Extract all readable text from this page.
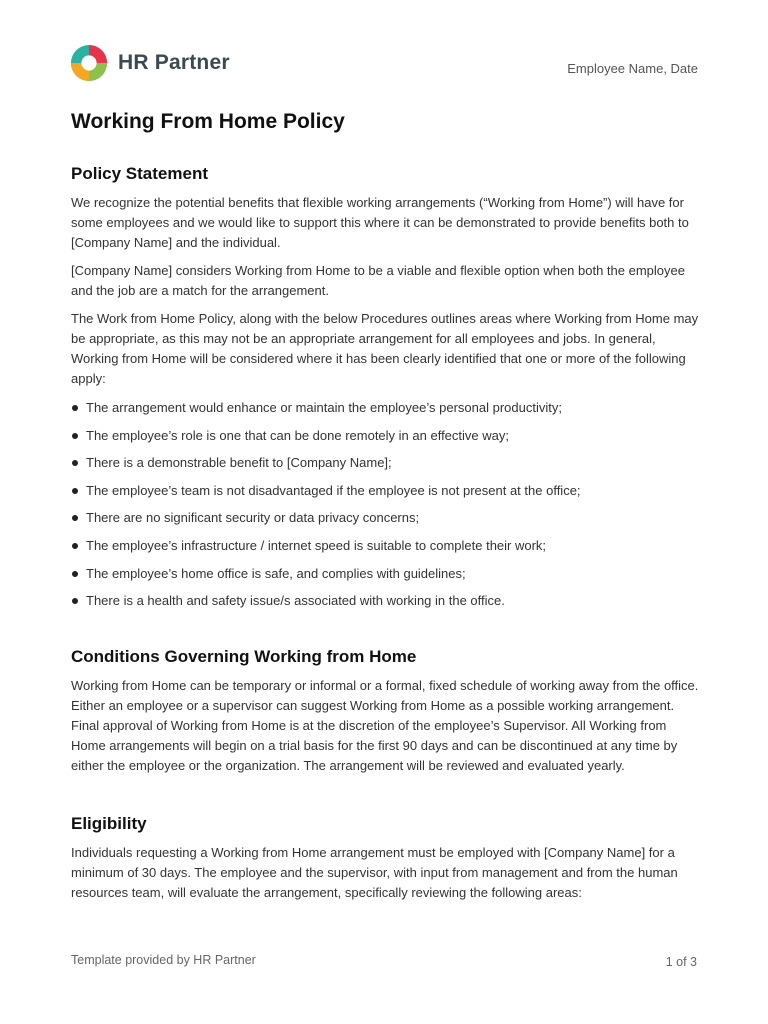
HR Partner	Employee Name, Date
Working From Home Policy
Policy Statement

We recognize the potential benefits that flexible working arrangements (“Working from Home”) will have for some employees and we would like to support this where it can be demonstrated to provide benefits both to [Company Name] and the individual.

[Company Name] considers Working from Home to be a viable and flexible option when both the employee and the job are a match for the arrangement.

The Work from Home Policy, along with the below Procedures outlines areas where Working from Home may be appropriate, as this may not be an appropriate arrangement for all employees and jobs. In general, Working from Home will be considered where it has been clearly identified that one or more of the following apply:

The arrangement would enhance or maintain the employee’s personal productivity;
The employee’s role is one that can be done remotely in an effective way;
There is a demonstrable benefit to [Company Name];
The employee’s team is not disadvantaged if the employee is not present at the office;
There are no significant security or data privacy concerns;
The employee’s infrastructure / internet speed is suitable to complete their work;
The employee’s home office is safe, and complies with guidelines;
There is a health and safety issue/s associated with working in the office.
Conditions Governing Working from Home

Working from Home can be temporary or informal or a formal, fixed schedule of working away from the office. Either an employee or a supervisor can suggest Working from Home as a possible working arrangement. Final approval of Working from Home is at the discretion of the employee’s Supervisor. All Working from Home arrangements will begin on a trial basis for the first 90 days and can be discontinued at any time by either the employee or the organization. The arrangement will be reviewed and evaluated yearly.

Eligibility

Individuals requesting a Working from Home arrangement must be employed with [Company Name] for a minimum of 30 days. The employee and the supervisor, with input from management and from the human resources team, will evaluate the arrangement, specifically reviewing the following areas:

Template provided by HR Partner	1 of 3
